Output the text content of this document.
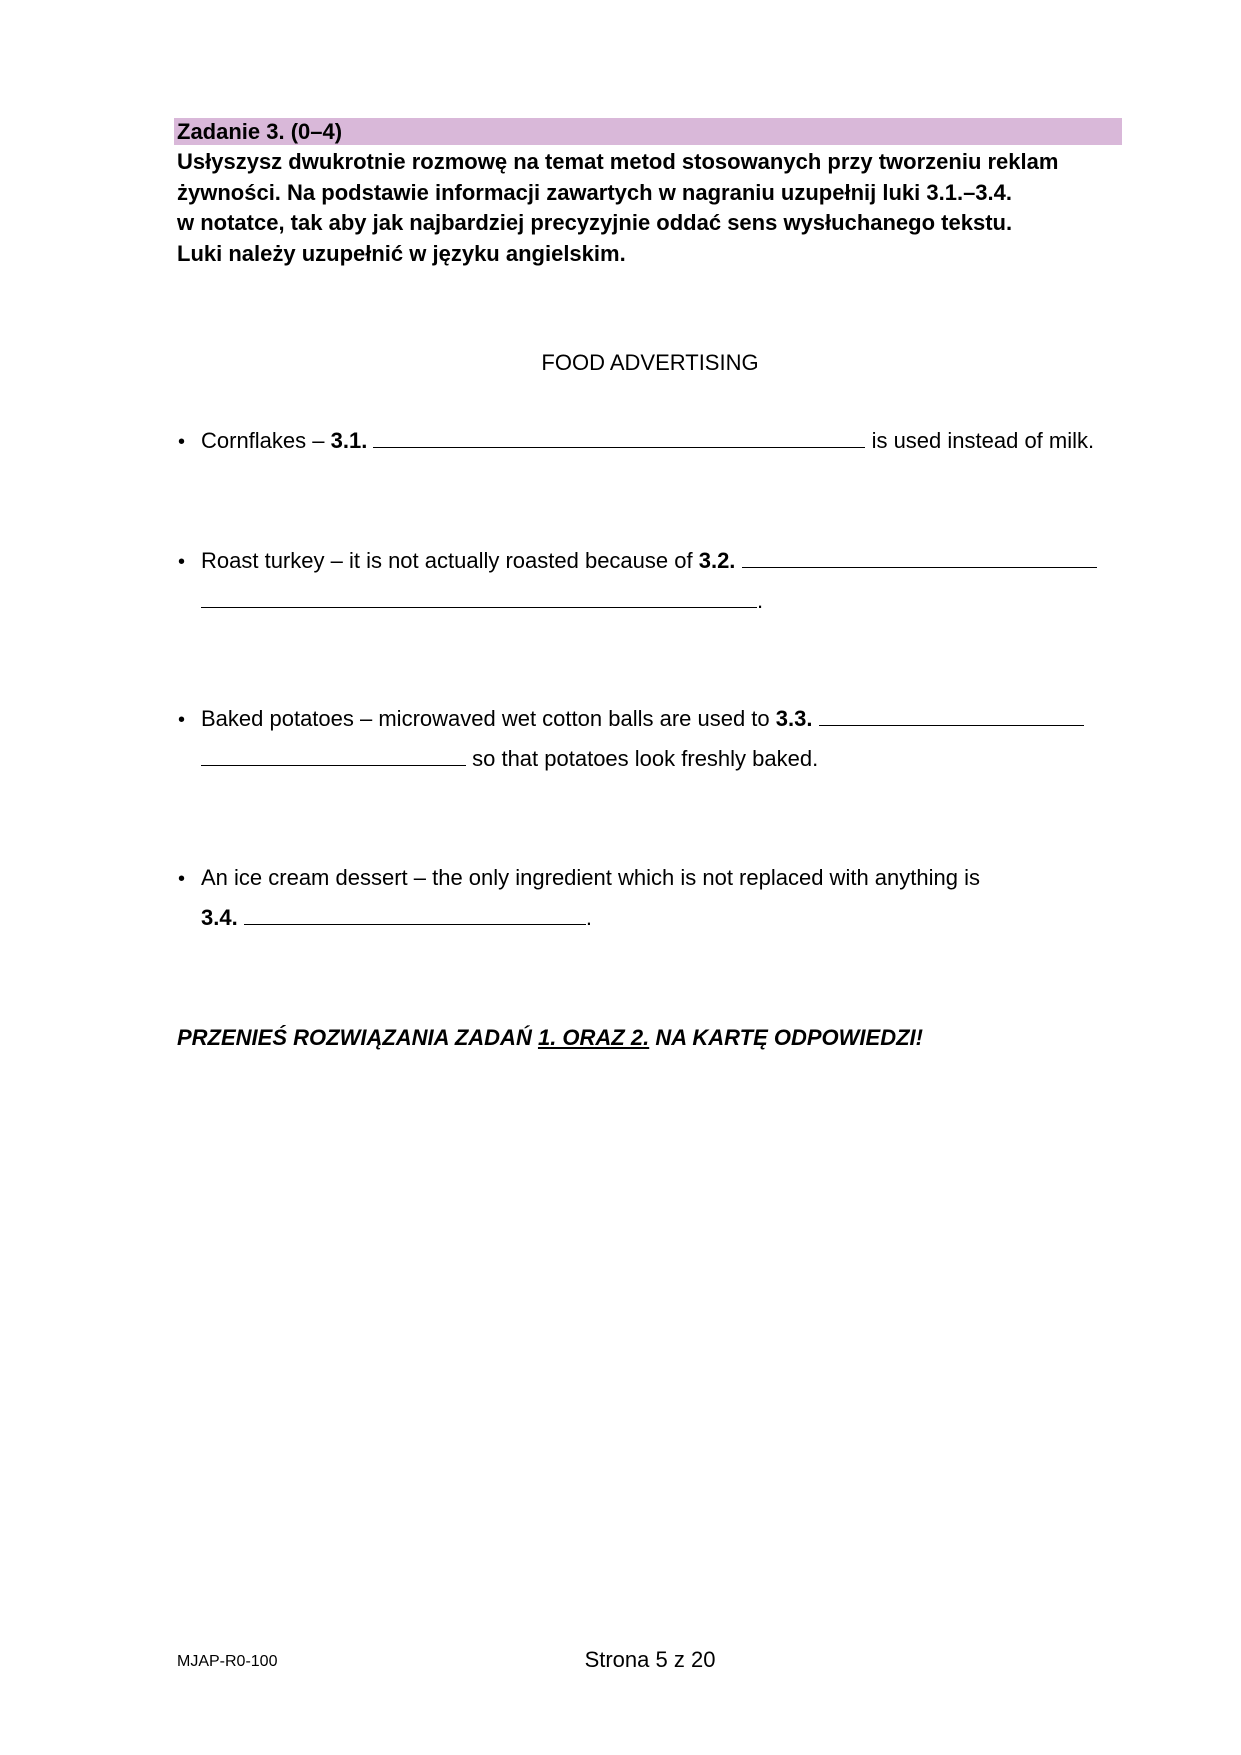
Zadanie 3. (0–4)
Usłyszysz dwukrotnie rozmowę na temat metod stosowanych przy tworzeniu reklam
żywności. Na podstawie informacji zawartych w nagraniu uzupełnij luki 3.1.–3.4.
w notatce, tak aby jak najbardziej precyzyjnie oddać sens wysłuchanego tekstu.
Luki należy uzupełnić w języku angielskim.
FOOD ADVERTISING
• Cornflakes – 3.1.	is used instead of milk.
• Roast turkey – it is not actually roasted because of 3.2.
.
• Baked potatoes – microwaved wet cotton balls are used to 3.3.
so that potatoes look freshly baked.
• An ice cream dessert – the only ingredient which is not replaced with anything is
3.4.	.
PRZENIEŚ ROZWIĄZANIA ZADAŃ 1. ORAZ 2. NA KARTĘ ODPOWIEDZI!
MJAP-R0-100	Strona 5 z 20
